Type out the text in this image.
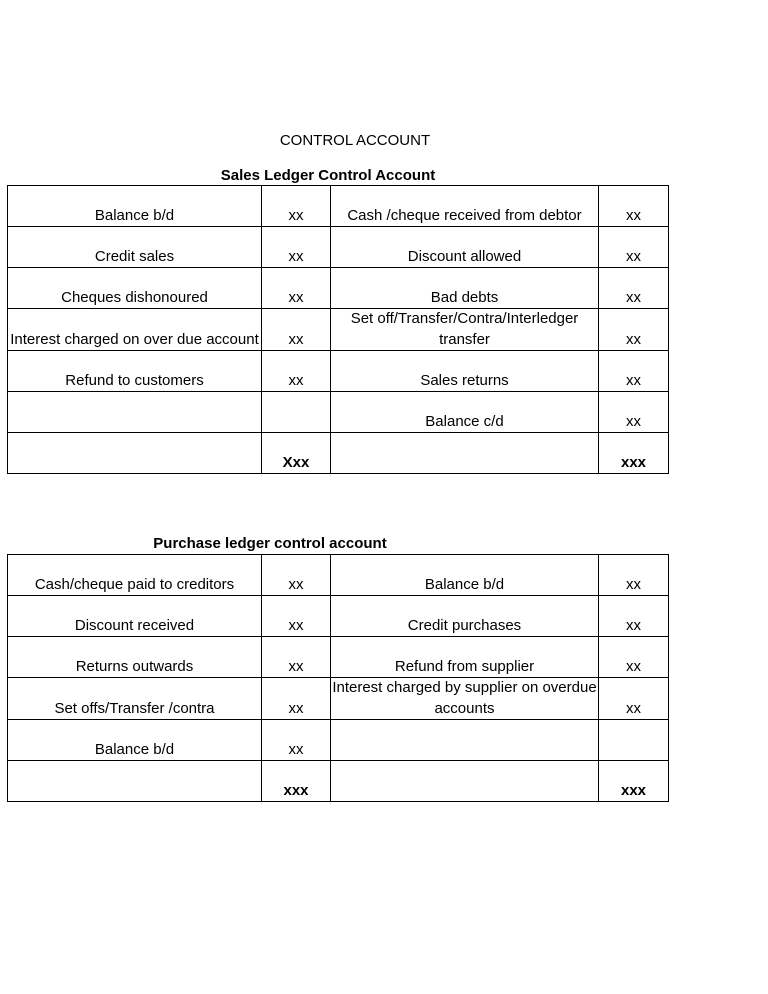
CONTROL ACCOUNT
Sales Ledger Control Account
Balance b/d	xx	Cash /cheque received from debtor	xx
Credit sales	xx	Discount allowed	xx
Cheques dishonoured	xx	Bad debts	xx
Interest charged on over due account	xx	Set off/Transfer/Contra/Interledger transfer	xx
Refund to customers	xx	Sales returns	xx
		Balance c/d	xx
	Xxx		xxx
Purchase ledger control account
Cash/cheque paid to creditors	xx	Balance b/d	xx
Discount received	xx	Credit purchases	xx
Returns outwards	xx	Refund from supplier	xx
Set offs/Transfer /contra	xx	Interest charged by supplier on overdue accounts	xx
Balance b/d	xx		
	xxx		xxx
